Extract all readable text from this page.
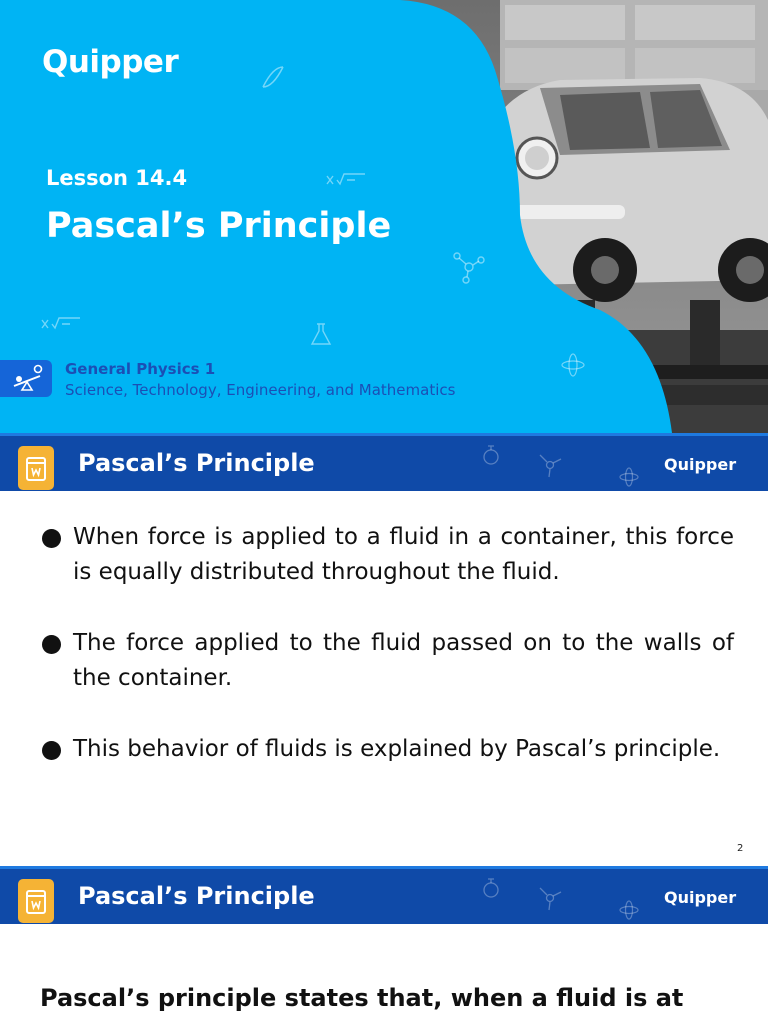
Quipper
Lesson 14.4
Pascal’s Principle
General Physics 1
Science, Technology, Engineering, and Mathematics
Pascal’s Principle	Quipper
When force is applied to a fluid in a container, this force is equally distributed throughout the fluid.
The force applied to the fluid passed on to the walls of the container.
This behavior of fluids is explained by Pascal’s principle.
2
Pascal’s Principle	Quipper
Pascal’s principle states that, when a fluid is at
